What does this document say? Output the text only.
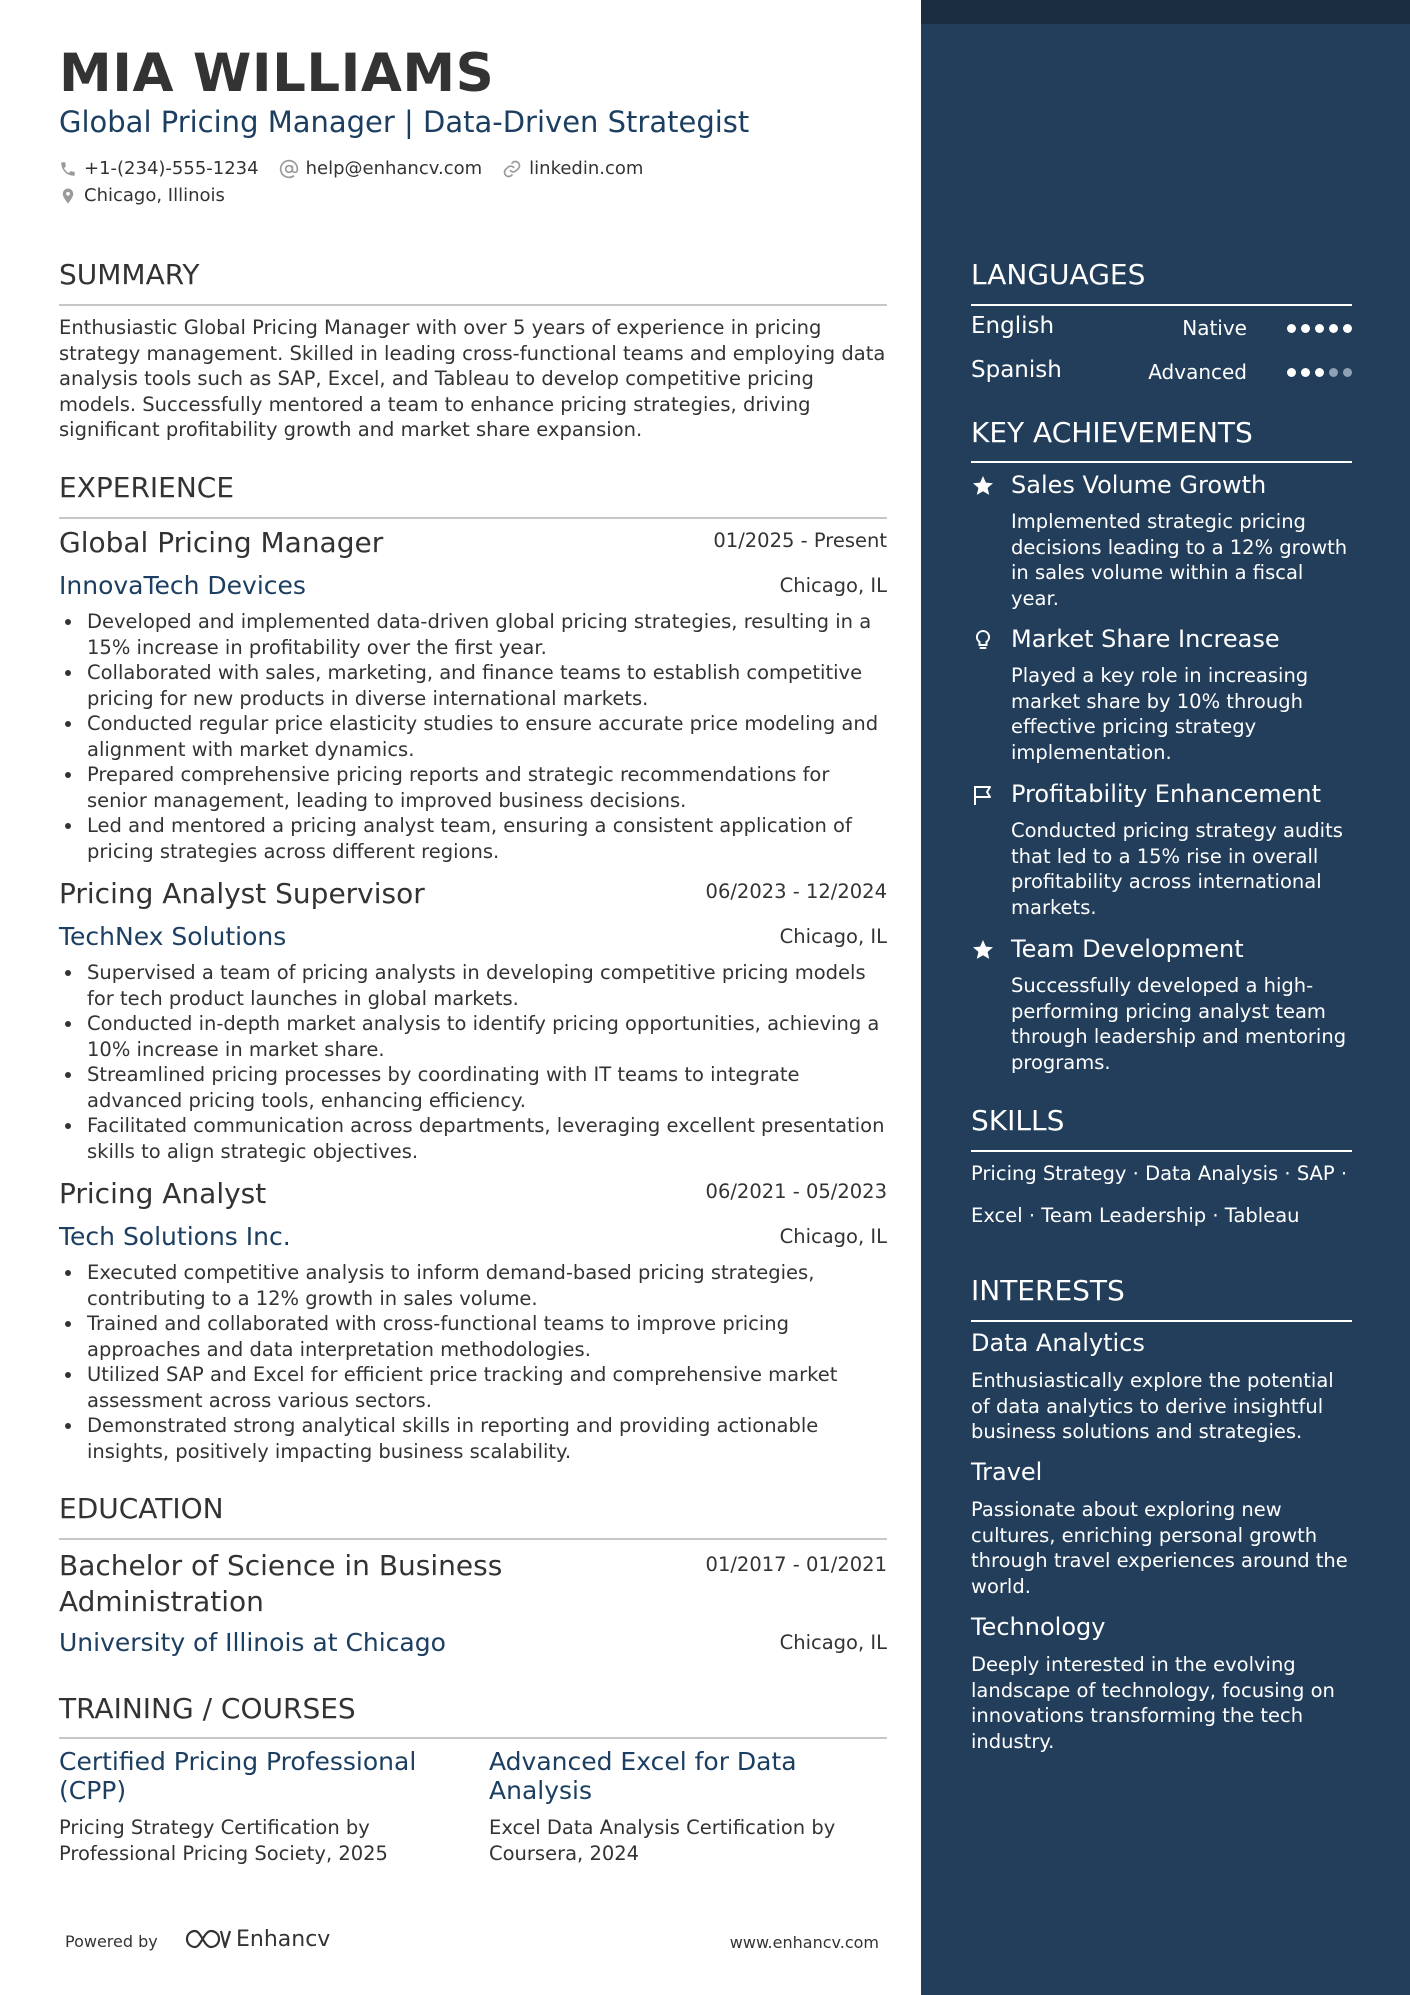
MIA WILLIAMS
Global Pricing Manager | Data-Driven Strategist
+1-(234)-555-1234	help@enhancv.com	linkedin.com
Chicago, Illinois
SUMMARY
Enthusiastic Global Pricing Manager with over 5 years of experience in pricing strategy management. Skilled in leading cross-functional teams and employing data analysis tools such as SAP, Excel, and Tableau to develop competitive pricing models. Successfully mentored a team to enhance pricing strategies, driving significant profitability growth and market share expansion.
EXPERIENCE
Global Pricing Manager	01/2025 - Present
InnovaTech Devices	Chicago, IL
Developed and implemented data-driven global pricing strategies, resulting in a 15% increase in profitability over the first year.
Collaborated with sales, marketing, and finance teams to establish competitive pricing for new products in diverse international markets.
Conducted regular price elasticity studies to ensure accurate price modeling and alignment with market dynamics.
Prepared comprehensive pricing reports and strategic recommendations for senior management, leading to improved business decisions.
Led and mentored a pricing analyst team, ensuring a consistent application of pricing strategies across different regions.
Pricing Analyst Supervisor	06/2023 - 12/2024
TechNex Solutions	Chicago, IL
Supervised a team of pricing analysts in developing competitive pricing models for tech product launches in global markets.
Conducted in-depth market analysis to identify pricing opportunities, achieving a 10% increase in market share.
Streamlined pricing processes by coordinating with IT teams to integrate advanced pricing tools, enhancing efficiency.
Facilitated communication across departments, leveraging excellent presentation skills to align strategic objectives.
Pricing Analyst	06/2021 - 05/2023
Tech Solutions Inc.	Chicago, IL
Executed competitive analysis to inform demand-based pricing strategies, contributing to a 12% growth in sales volume.
Trained and collaborated with cross-functional teams to improve pricing approaches and data interpretation methodologies.
Utilized SAP and Excel for efficient price tracking and comprehensive market assessment across various sectors.
Demonstrated strong analytical skills in reporting and providing actionable insights, positively impacting business scalability.
EDUCATION
Bachelor of Science in Business Administration
01/2017 - 01/2021
University of Illinois at Chicago	Chicago, IL
TRAINING / COURSES
Certified Pricing Professional (CPP)
Pricing Strategy Certification by Professional Pricing Society, 2025
Advanced Excel for Data Analysis
Excel Data Analysis Certification by Coursera, 2024
Powered by	Enhancv	www.enhancv.com
LANGUAGES
English	Native
Spanish	Advanced
KEY ACHIEVEMENTS
Sales Volume Growth
Implemented strategic pricing decisions leading to a 12% growth in sales volume within a fiscal year.
Market Share Increase
Played a key role in increasing market share by 10% through effective pricing strategy implementation.
Profitability Enhancement
Conducted pricing strategy audits that led to a 15% rise in overall profitability across international markets.
Team Development
Successfully developed a high-performing pricing analyst team through leadership and mentoring programs.
SKILLS
Pricing Strategy · Data Analysis · SAP · Excel · Team Leadership · Tableau
INTERESTS
Data Analytics
Enthusiastically explore the potential of data analytics to derive insightful business solutions and strategies.
Travel
Passionate about exploring new cultures, enriching personal growth through travel experiences around the world.
Technology
Deeply interested in the evolving landscape of technology, focusing on innovations transforming the tech industry.
